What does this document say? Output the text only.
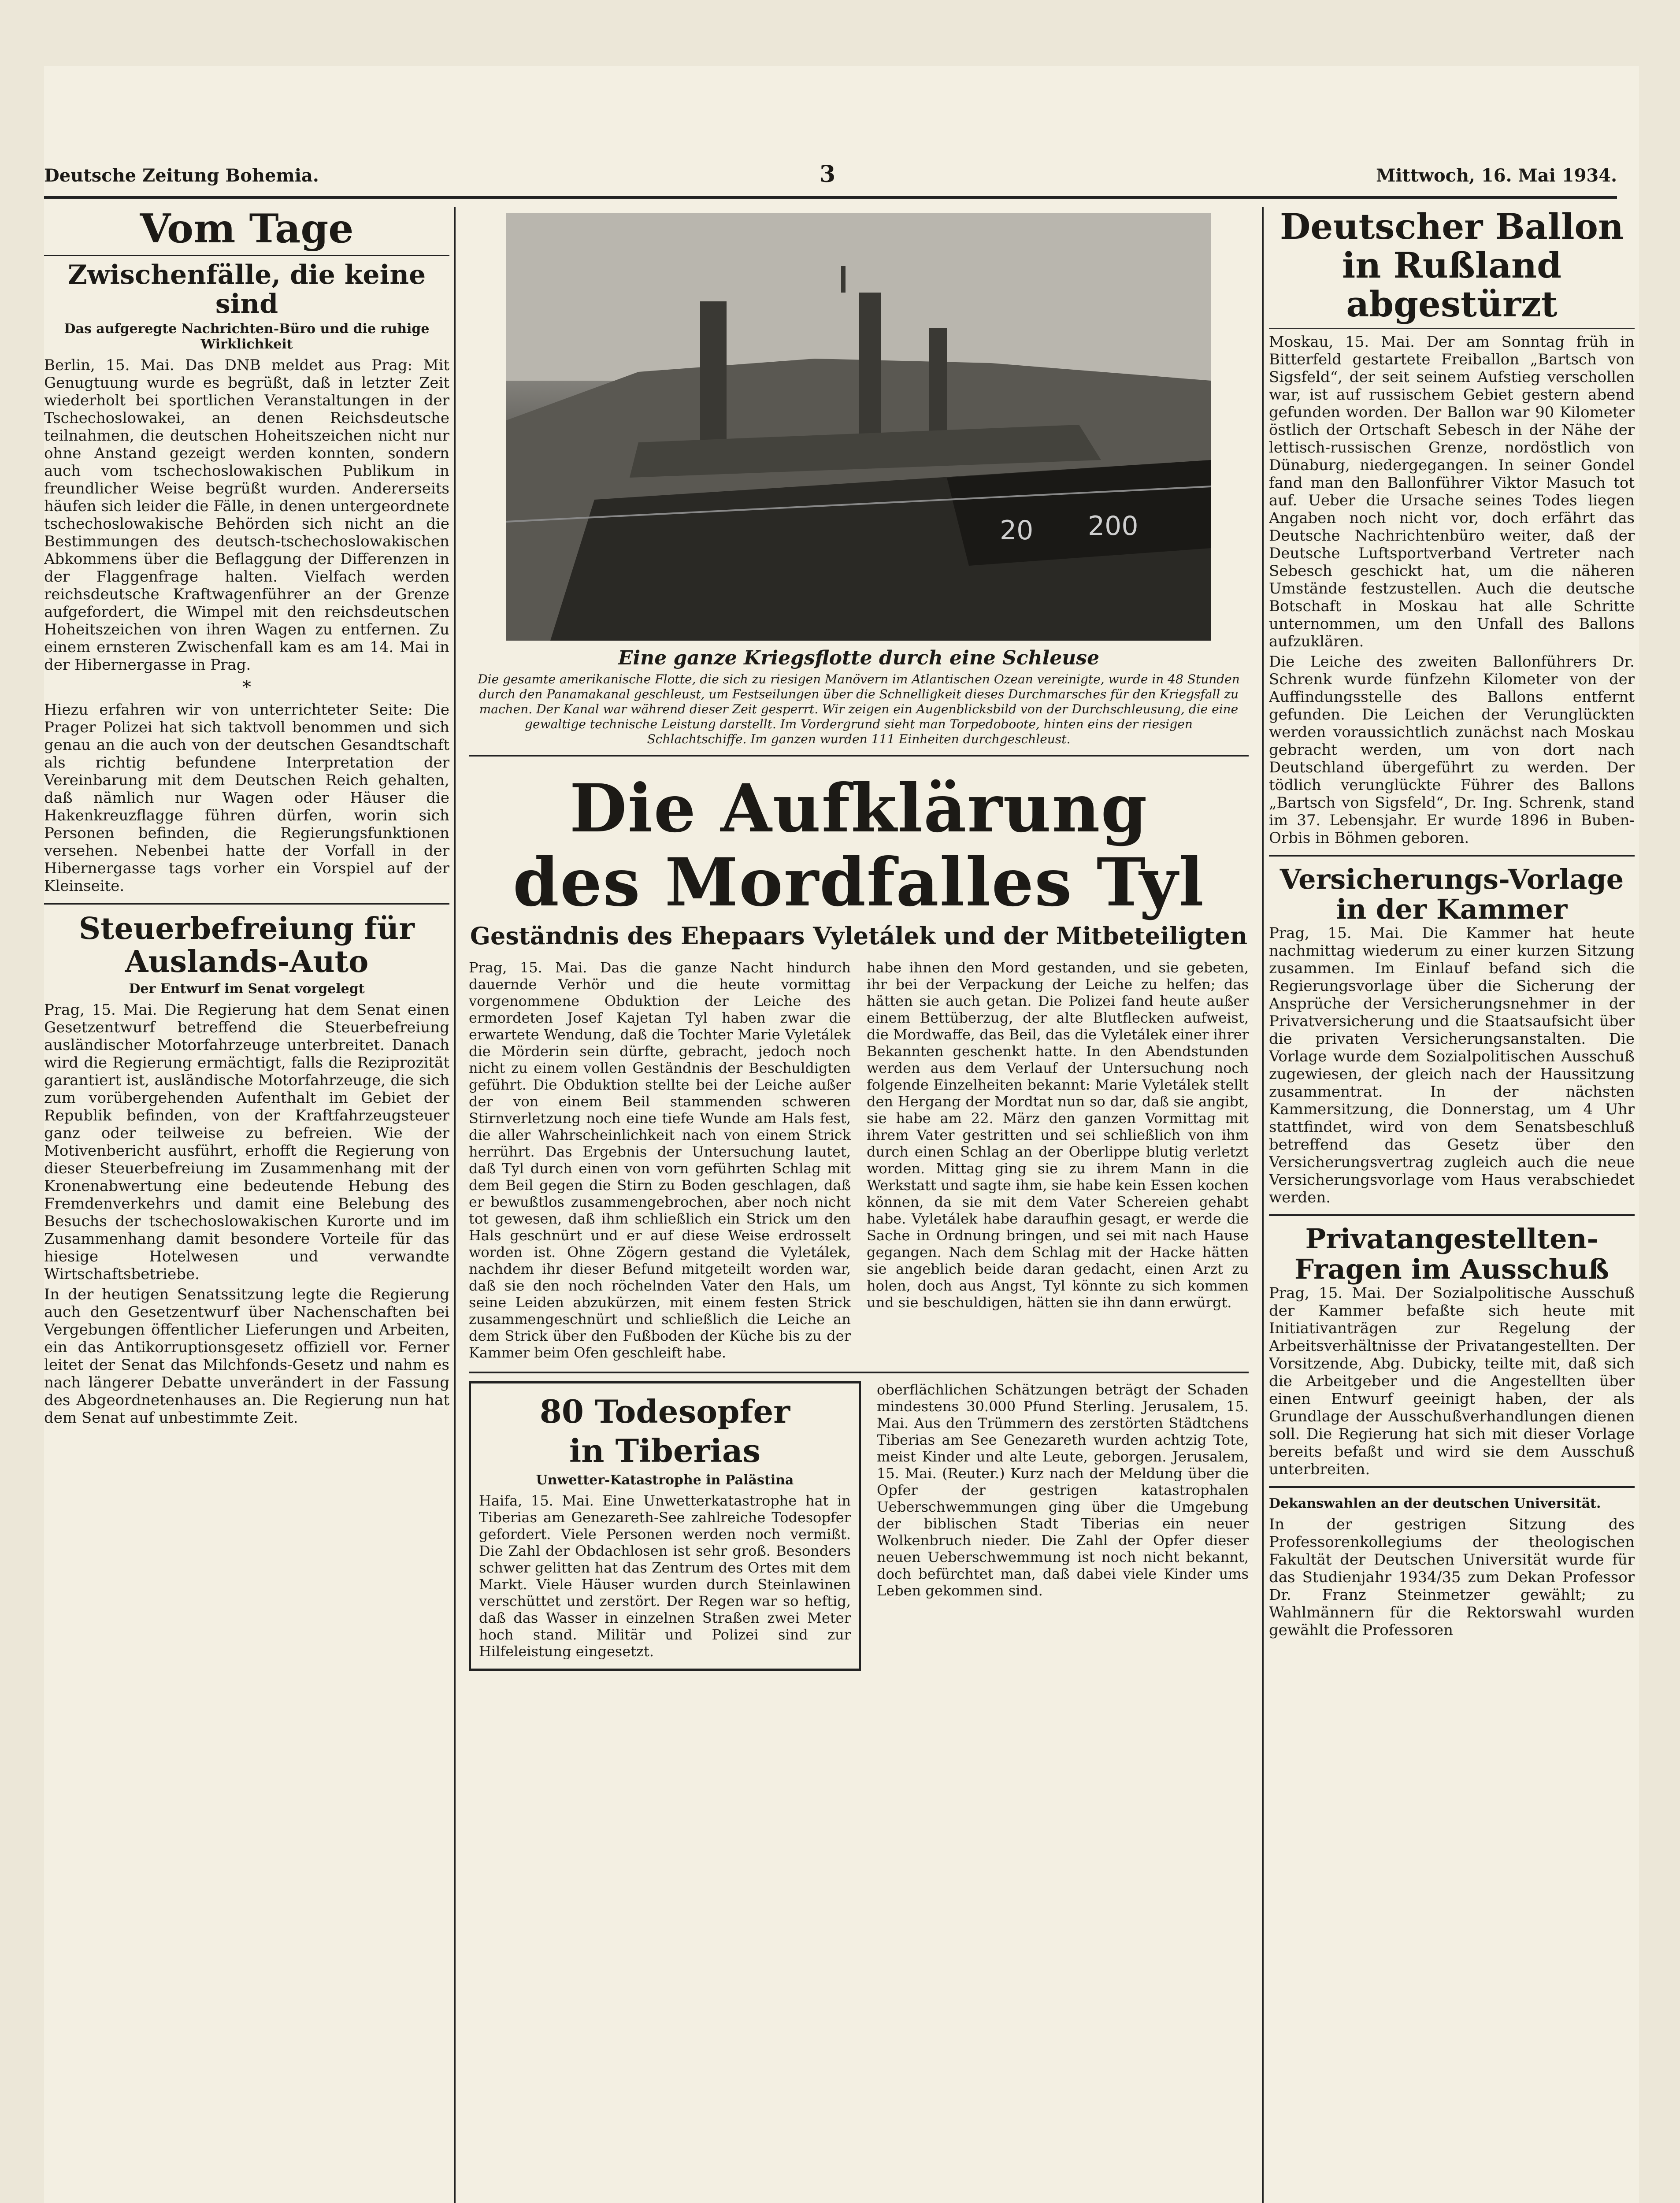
Deutsche Zeitung Bohemia.	3	Mittwoch, 16. Mai 1934.
Vom Tage
Zwischenfälle, die keine sind
Das aufgeregte Nachrichten-Büro und die ruhige Wirklichkeit

Berlin, 15. Mai. Das DNB meldet aus Prag: Mit Genugtuung wurde es begrüßt, daß in letzter Zeit wiederholt bei sportlichen Veranstaltungen in der Tschechoslowakei, an denen Reichsdeutsche teilnahmen, die deutschen Hoheitszeichen nicht nur ohne Anstand gezeigt werden konnten, sondern auch vom tschechoslowakischen Publikum in freundlicher Weise begrüßt wurden. Andererseits häufen sich leider die Fälle, in denen untergeordnete tschechoslowakische Behörden sich nicht an die Bestimmungen des deutsch-tschechoslowakischen Abkommens über die Beflaggung der Differenzen in der Flaggenfrage halten. Vielfach werden reichsdeutsche Kraftwagenführer an der Grenze aufgefordert, die Wimpel mit den reichsdeutschen Hoheitszeichen von ihren Wagen zu entfernen. Zu einem ernsteren Zwischenfall kam es am 14. Mai in der Hibernergasse in Prag.

*

Hiezu erfahren wir von unterrichteter Seite: Die Prager Polizei hat sich taktvoll benommen und sich genau an die auch von der deutschen Gesandtschaft als richtig befundene Interpretation der Vereinbarung mit dem Deutschen Reich gehalten, daß nämlich nur Wagen oder Häuser die Hakenkreuzflagge führen dürfen, worin sich Personen befinden, die Regierungsfunktionen versehen. Nebenbei hatte der Vorfall in der Hibernergasse tags vorher ein Vorspiel auf der Kleinseite.

Steuerbefreiung für Auslands-Auto
Der Entwurf im Senat vorgelegt

Prag, 15. Mai. Die Regierung hat dem Senat einen Gesetzentwurf betreffend die Steuerbefreiung ausländischer Motorfahrzeuge unterbreitet. Danach wird die Regierung ermächtigt, falls die Reziprozität garantiert ist, ausländische Motorfahrzeuge, die sich zum vorübergehenden Aufenthalt im Gebiet der Republik befinden, von der Kraftfahrzeugsteuer ganz oder teilweise zu befreien. Wie der Motivenbericht ausführt, erhofft die Regierung von dieser Steuerbefreiung im Zusammenhang mit der Kronenabwertung eine bedeutende Hebung des Fremdenverkehrs und damit eine Belebung des Besuchs der tschechoslowakischen Kurorte und im Zusammenhang damit besondere Vorteile für das hiesige Hotelwesen und verwandte Wirtschaftsbetriebe.

In der heutigen Senatssitzung legte die Regierung auch den Gesetzentwurf über Nachenschaften bei Vergebungen öffentlicher Lieferungen und Arbeiten, ein das Antikorruptionsgesetz offiziell vor. Ferner leitet der Senat das Milchfonds-Gesetz und nahm es nach längerer Debatte unverändert in der Fassung des Abgeordnetenhauses an. Die Regierung nun hat dem Senat auf unbestimmte Zeit.

20 200
Eine ganze Kriegsflotte durch eine Schleuse
Die gesamte amerikanische Flotte, die sich zu riesigen Manövern im Atlantischen Ozean vereinigte, wurde in 48 Stunden durch den Panamakanal geschleust, um Festseilungen über die Schnelligkeit dieses Durchmarsches für den Kriegsfall zu machen. Der Kanal war während dieser Zeit gesperrt. Wir zeigen ein Augenblicksbild von der Durchschleusung, die eine gewaltige technische Leistung darstellt. Im Vordergrund sieht man Torpedoboote, hinten eins der riesigen Schlachtschiffe. Im ganzen wurden 111 Einheiten durchgeschleust.
Die Aufklärung
des Mordfalles Tyl
Geständnis des Ehepaars Vyletálek und der Mitbeteiligten

Prag, 15. Mai. Das die ganze Nacht hindurch dauernde Verhör und die heute vormittag vorgenommene Obduktion der Leiche des ermordeten Josef Kajetan Tyl haben zwar die erwartete Wendung, daß die Tochter Marie Vyletálek die Mörderin sein dürfte, gebracht, jedoch noch nicht zu einem vollen Geständnis der Beschuldigten geführt. Die Obduktion stellte bei der Leiche außer der von einem Beil stammenden schweren Stirnverletzung noch eine tiefe Wunde am Hals fest, die aller Wahrscheinlichkeit nach von einem Strick herrührt. Das Ergebnis der Untersuchung lautet, daß Tyl durch einen von vorn geführten Schlag mit dem Beil gegen die Stirn zu Boden geschlagen, daß er bewußtlos zusammengebrochen, aber noch nicht tot gewesen, daß ihm schließlich ein Strick um den Hals geschnürt und er auf diese Weise erdrosselt worden ist. Ohne Zögern gestand die Vyletálek, nachdem ihr dieser Befund mitgeteilt worden war, daß sie den noch röchelnden Vater den Hals, um seine Leiden abzukürzen, mit einem festen Strick zusammengeschnürt und schließlich die Leiche an dem Strick über den Fußboden der Küche bis zu der Kammer beim Ofen geschleift habe.

habe ihnen den Mord gestanden, und sie gebeten, ihr bei der Verpackung der Leiche zu helfen; das hätten sie auch getan. Die Polizei fand heute außer einem Bettüberzug, der alte Blutflecken aufweist, die Mordwaffe, das Beil, das die Vyletálek einer ihrer Bekannten geschenkt hatte. In den Abendstunden werden aus dem Verlauf der Untersuchung noch folgende Einzelheiten bekannt: Marie Vyletálek stellt den Hergang der Mordtat nun so dar, daß sie angibt, sie habe am 22. März den ganzen Vormittag mit ihrem Vater gestritten und sei schließlich von ihm durch einen Schlag an der Oberlippe blutig verletzt worden. Mittag ging sie zu ihrem Mann in die Werkstatt und sagte ihm, sie habe kein Essen kochen können, da sie mit dem Vater Schereien gehabt habe. Vyletálek habe daraufhin gesagt, er werde die Sache in Ordnung bringen, und sei mit nach Hause gegangen. Nach dem Schlag mit der Hacke hätten sie angeblich beide daran gedacht, einen Arzt zu holen, doch aus Angst, Tyl könnte zu sich kommen und sie beschuldigen, hätten sie ihn dann erwürgt.

80 Todesopfer
in Tiberias
Unwetter-Katastrophe in Palästina

Haifa, 15. Mai. Eine Unwetterkatastrophe hat in Tiberias am Genezareth-See zahlreiche Todesopfer gefordert. Viele Personen werden noch vermißt. Die Zahl der Obdachlosen ist sehr groß. Besonders schwer gelitten hat das Zentrum des Ortes mit dem Markt. Viele Häuser wurden durch Steinlawinen verschüttet und zerstört. Der Regen war so heftig, daß das Wasser in einzelnen Straßen zwei Meter hoch stand. Militär und Polizei sind zur Hilfeleistung eingesetzt.

oberflächlichen Schätzungen beträgt der Schaden mindestens 30.000 Pfund Sterling. Jerusalem, 15. Mai. Aus den Trümmern des zerstörten Städtchens Tiberias am See Genezareth wurden achtzig Tote, meist Kinder und alte Leute, geborgen. Jerusalem, 15. Mai. (Reuter.) Kurz nach der Meldung über die Opfer der gestrigen katastrophalen Ueberschwemmungen ging über die Umgebung der biblischen Stadt Tiberias ein neuer Wolkenbruch nieder. Die Zahl der Opfer dieser neuen Ueberschwemmung ist noch nicht bekannt, doch befürchtet man, daß dabei viele Kinder ums Leben gekommen sind.

Deutscher Ballon in Rußland abgestürzt

Moskau, 15. Mai. Der am Sonntag früh in Bitterfeld gestartete Freiballon „Bartsch von Sigsfeld“, der seit seinem Aufstieg verschollen war, ist auf russischem Gebiet gestern abend gefunden worden. Der Ballon war 90 Kilometer östlich der Ortschaft Sebesch in der Nähe der lettisch-russischen Grenze, nordöstlich von Dünaburg, niedergegangen. In seiner Gondel fand man den Ballonführer Viktor Masuch tot auf. Ueber die Ursache seines Todes liegen Angaben noch nicht vor, doch erfährt das Deutsche Nachrichtenbüro weiter, daß der Deutsche Luftsportverband Vertreter nach Sebesch geschickt hat, um die näheren Umstände festzustellen. Auch die deutsche Botschaft in Moskau hat alle Schritte unternommen, um den Unfall des Ballons aufzuklären.

Die Leiche des zweiten Ballonführers Dr. Schrenk wurde fünfzehn Kilometer von der Auffindungsstelle des Ballons entfernt gefunden. Die Leichen der Verunglückten werden voraussichtlich zunächst nach Moskau gebracht werden, um von dort nach Deutschland übergeführt zu werden. Der tödlich verunglückte Führer des Ballons „Bartsch von Sigsfeld“, Dr. Ing. Schrenk, stand im 37. Lebensjahr. Er wurde 1896 in Buben-Orbis in Böhmen geboren.

Versicherungs-Vorlage in der Kammer

Prag, 15. Mai. Die Kammer hat heute nachmittag wiederum zu einer kurzen Sitzung zusammen. Im Einlauf befand sich die Regierungsvorlage über die Sicherung der Ansprüche der Versicherungsnehmer in der Privatversicherung und die Staatsaufsicht über die privaten Versicherungsanstalten. Die Vorlage wurde dem Sozialpolitischen Ausschuß zugewiesen, der gleich nach der Haussitzung zusammentrat. In der nächsten Kammersitzung, die Donnerstag, um 4 Uhr stattfindet, wird von dem Senatsbeschluß betreffend das Gesetz über den Versicherungsvertrag zugleich auch die neue Versicherungsvorlage vom Haus verabschiedet werden.

Privatangestellten-Fragen im Ausschuß

Prag, 15. Mai. Der Sozialpolitische Ausschuß der Kammer befaßte sich heute mit Initiativanträgen zur Regelung der Arbeitsverhältnisse der Privatangestellten. Der Vorsitzende, Abg. Dubicky, teilte mit, daß sich die Arbeitgeber und die Angestellten über einen Entwurf geeinigt haben, der als Grundlage der Ausschußverhandlungen dienen soll. Die Regierung hat sich mit dieser Vorlage bereits befaßt und wird sie dem Ausschuß unterbreiten.

Dekanswahlen an der deutschen Universität.

In der gestrigen Sitzung des Professorenkollegiums der theologischen Fakultät der Deutschen Universität wurde für das Studienjahr 1934/35 zum Dekan Professor Dr. Franz Steinmetzer gewählt; zu Wahlmännern für die Rektorswahl wurden gewählt die Professoren
